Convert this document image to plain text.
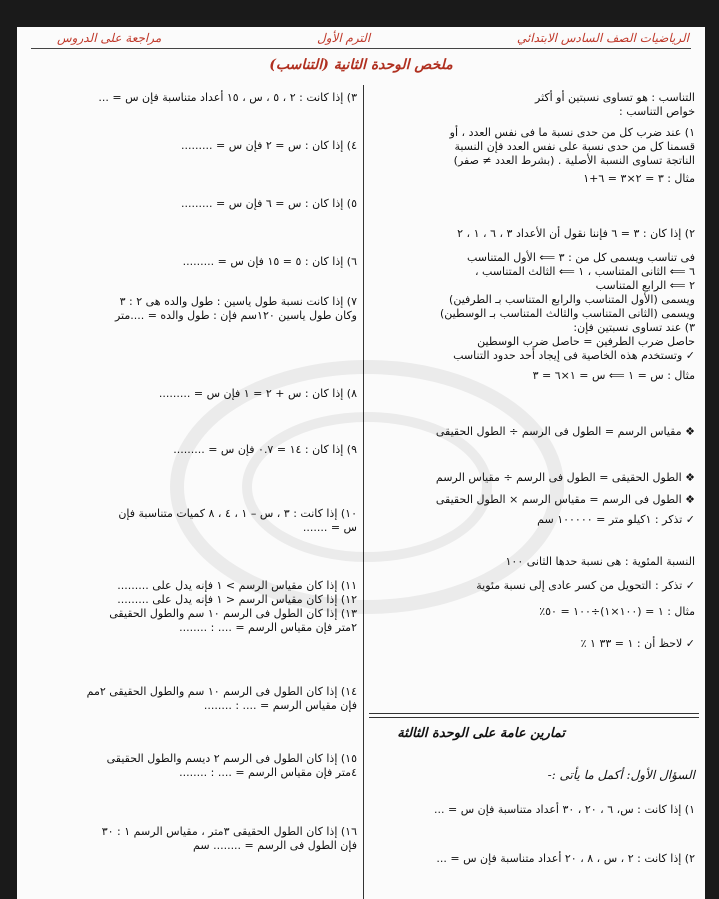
الرياضيات الصف السادس الابتدائي
الترم الأول
مراجعة على الدروس
ملخص الوحدة الثانية (التناسب)
التناسب : هو تساوى نسبتين أو أكثر
خواص التناسب :
١) عند ضرب كل من حدى نسبة ما فى نفس العدد ، أو
قسمنا كل من حدى نسبة على نفس العدد فإن النسبة
الناتجة تساوى النسبة الأصلية . (بشرط العدد ≠ صفر)
مثال : ٣ = ٢×٣ = ٦+١
٢) إذا كان : ٣ = ٦ فإننا نقول أن الأعداد ٣ ، ٦ ، ١ ، ٢
فى تناسب ويسمى كل من : ٣ ⟸ الأول المتناسب
٦ ⟸ الثانى المتناسب ، ١ ⟸ الثالث المتناسب ،
٢ ⟸ الرابع المتناسب
ويسمى (الأول المتناسب والرابع المتناسب بـ الطرفين)
ويسمى (الثانى المتناسب والثالث المتناسب بـ الوسطين)
٣) عند تساوى نسبتين فإن:
حاصل ضرب الطرفين = حاصل ضرب الوسطين
✓ وتستخدم هذه الخاصية فى إيجاد أحد حدود التناسب
مثال : س = ١ ⟸ س = ١×٦ = ٣
❖ مقياس الرسم = الطول فى الرسم ÷ الطول الحقيقى
❖ الطول الحقيقى = الطول فى الرسم ÷ مقياس الرسم
❖ الطول فى الرسم = مقياس الرسم × الطول الحقيقى
✓ تذكر : ١كيلو متر = ١٠٠٠٠٠ سم
النسبة المئوية : هى نسبة حدها الثانى ١٠٠
✓ تذكر : التحويل من كسر عادى إلى نسبة مئوية
مثال : ١ = (١٠٠×١)÷١٠٠ = ٥٠٪
✓ لاحظ أن : ١ = ٣٣ ١ ٪
٣) إذا كانت : ٢ ، ٥ ، س ، ١٥ أعداد متناسبة فإن س = ...
٤) إذا كان : س = ٢ فإن س = .........
٥) إذا كان : س = ٦ فإن س = .........
٦) إذا كان : ٥ = ١٥ فإن س = .........
٧) إذا كانت نسبة طول ياسين : طول والده هى ٢ : ٣
وكان طول ياسين ١٢٠سم فإن : طول والده = ....متر
٨) إذا كان : س + ٢ = ١ فإن س = .........
٩) إذا كان : ١٤ = ٠.٧ فإن س = .........
١٠) إذا كانت : ٣ ، س – ١ ، ٤ ، ٨ كميات متناسبة فإن
س = .......
١١) إذا كان مقياس الرسم > ١ فإنه يدل على .........
١٢) إذا كان مقياس الرسم < ١ فإنه يدل على .........
١٣) إذا كان الطول فى الرسم ١٠ سم والطول الحقيقى
٢متر فإن مقياس الرسم = .... : ........
١٤) إذا كان الطول فى الرسم ١٠ سم والطول الحقيقى ٢مم
فإن مقياس الرسم = .... : ........
١٥) إذا كان الطول فى الرسم ٢ ديسم والطول الحقيقى
٤متر فإن مقياس الرسم = .... : ........
١٦) إذا كان الطول الحقيقى ٣متر ، مقياس الرسم ١ : ٣٠
فإن الطول فى الرسم = ........ سم
تمارين عامة على الوحدة الثالثة
السؤال الأول: أكمل ما يأتى :-
١) إذا كانت : س، ٦ ، ٢٠ ، ٣٠ أعداد متناسبة فإن س = ...
٢) إذا كانت : ٢ ، س ، ٨ ، ٢٠ أعداد متناسبة فإن س = ...
